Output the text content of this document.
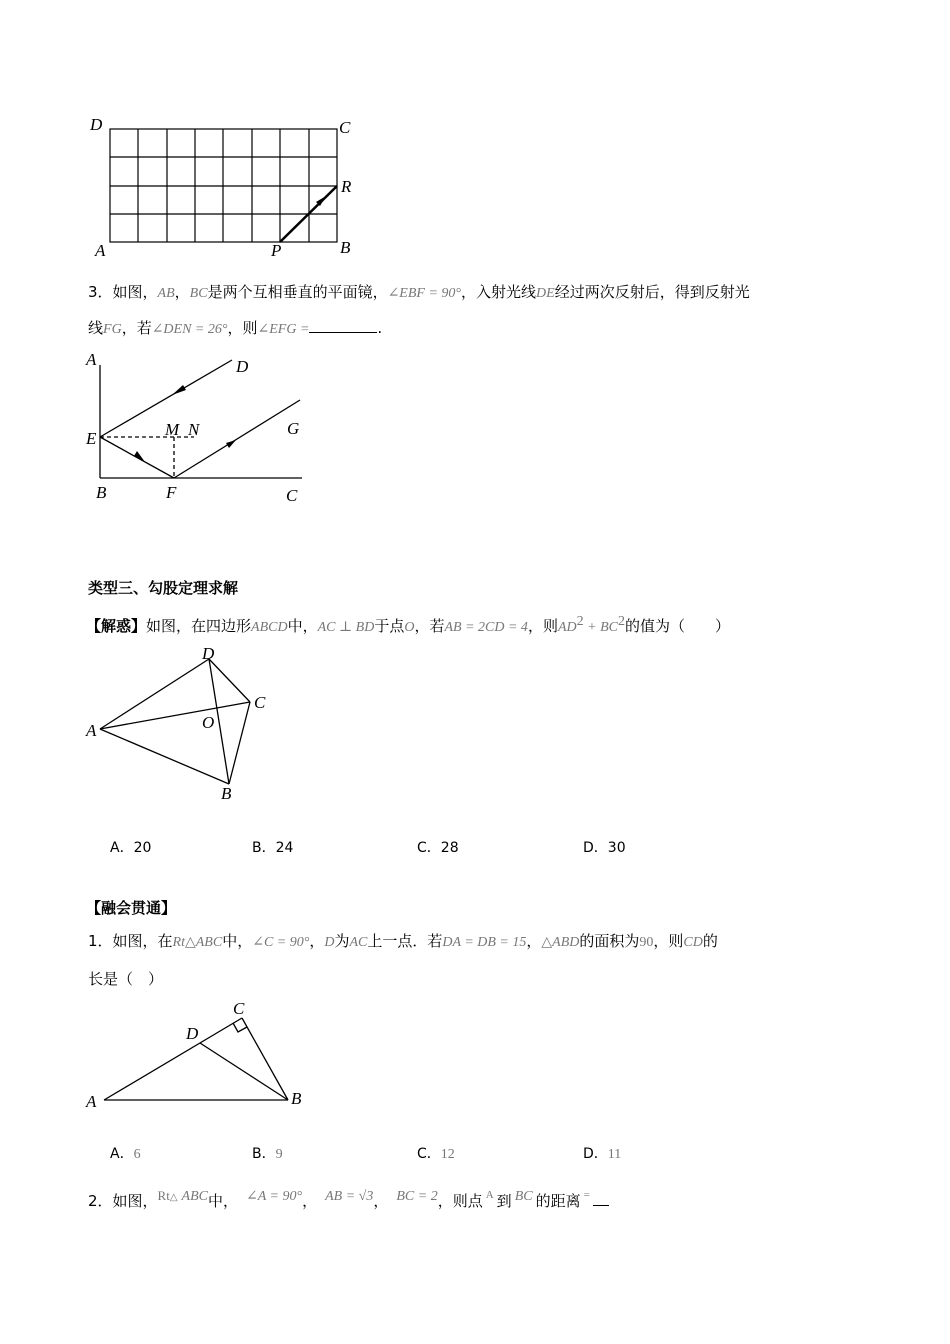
D	C
R
A	P	B
3．如图，AB，BC是两个互相垂直的平面镜，∠EBF = 90°，入射光线DE经过两次反射后，得到反射光
线FG，若∠DEN = 26°，则∠EFG =	.
A	D
M N	G
E
B	F	C
类型三、勾股定理求解
【解惑】如图，在四边形ABCD中，AC ⊥ BD于点O，若AB = 2CD = 4，则$AD^2 + BC^2$的值为（　　）
D
C
O
A
B
A．20	B．24	C．28	D．30
【融会贯通】
1．如图，在Rt△ABC中，∠C = 90°，D为AC上一点．若DA = DB = 15，△ABD的面积为90，则CD的
长是（　）
C
D
A	B
A．6	B．9	C．12	D．11
2．如图，Rt△ ABC中， ∠A = 90°， AB = √3， BC = 2，则点 $^A$ 到 BC 的距离 =
